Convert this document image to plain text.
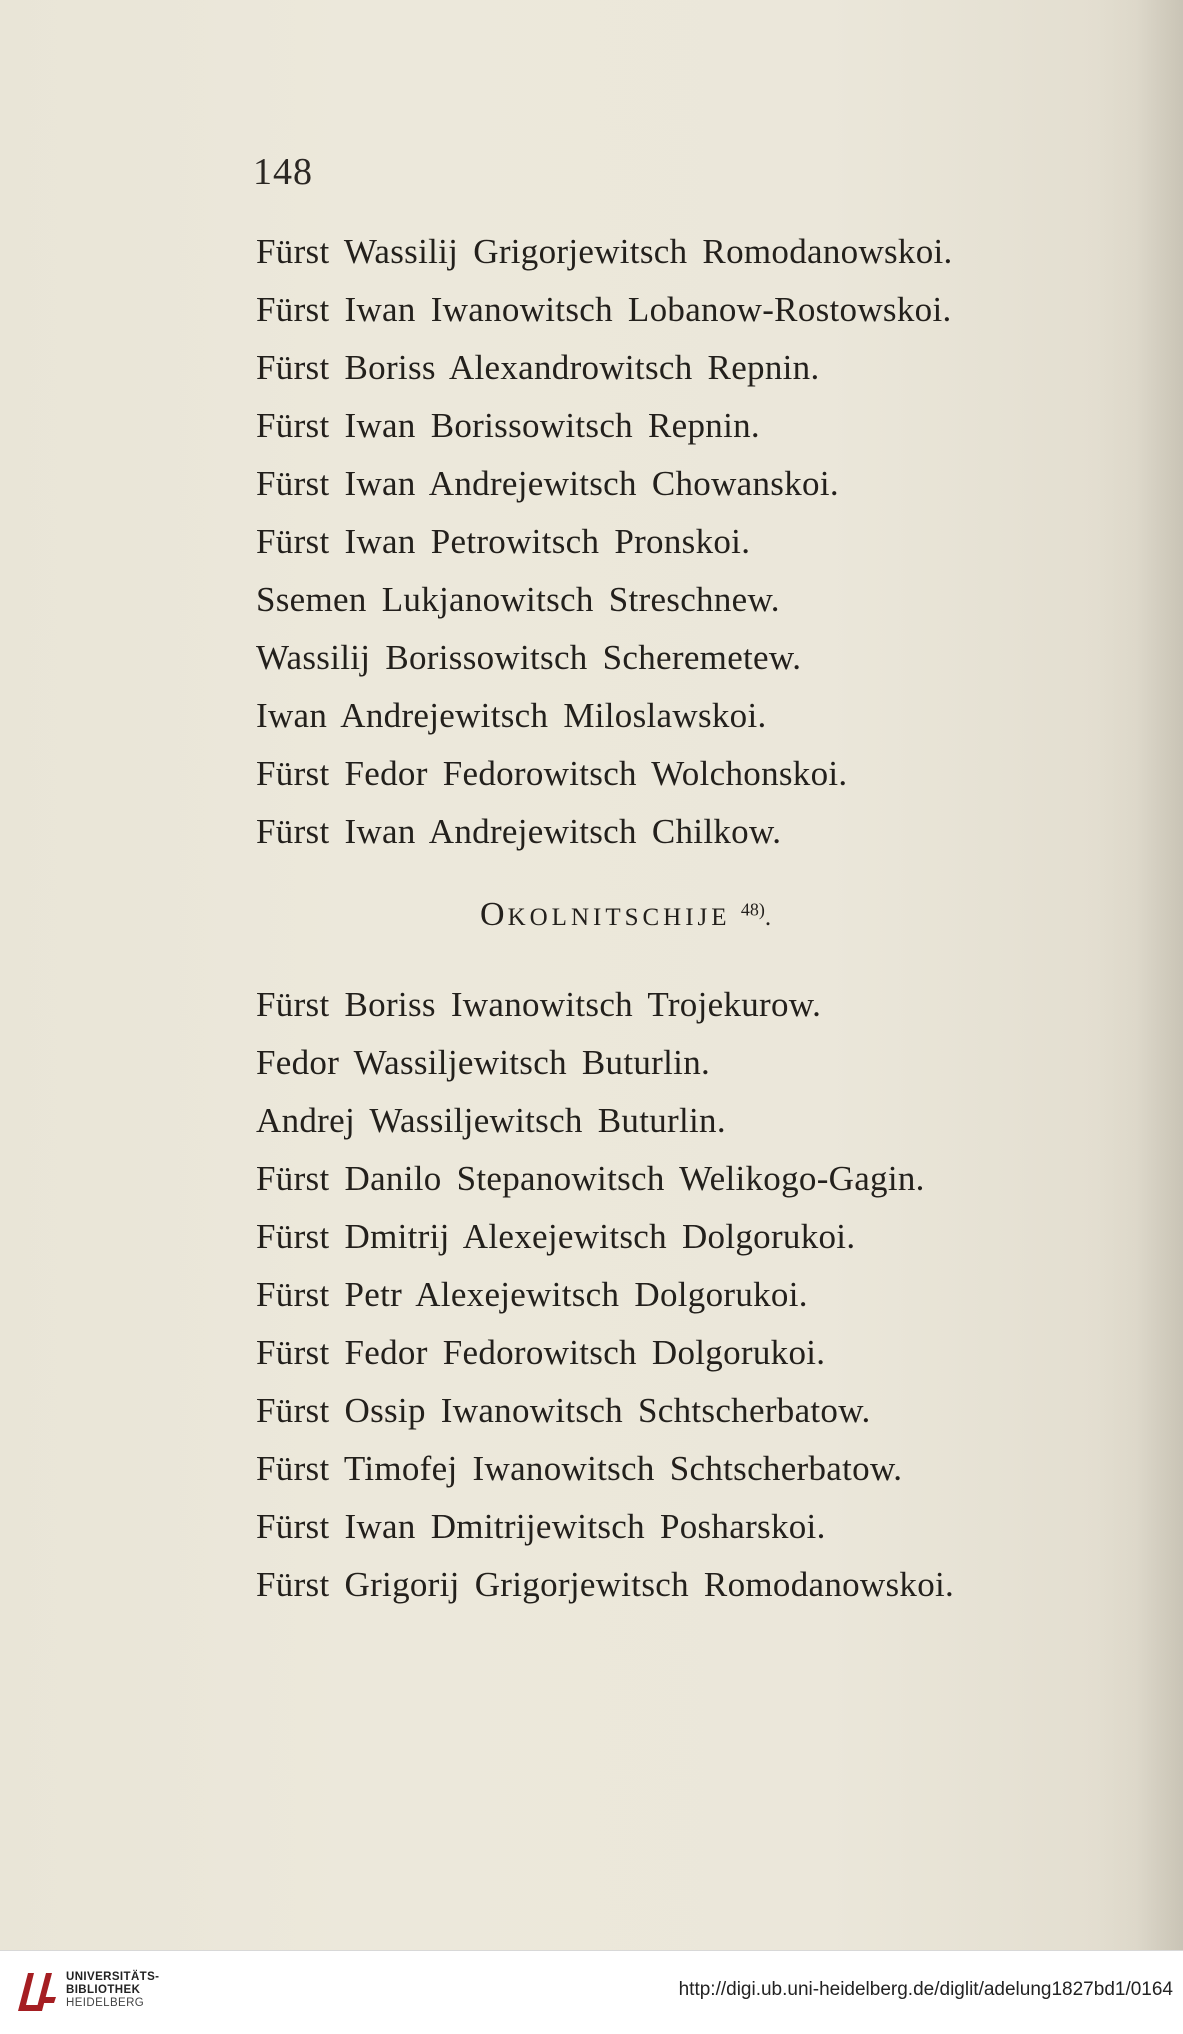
148
Fürst Wassilij Grigorjewitsch Romodanowskoi.
Fürst Iwan Iwanowitsch Lobanow-Rostowskoi.
Fürst Boriss Alexandrowitsch Repnin.
Fürst Iwan Borissowitsch Repnin.
Fürst Iwan Andrejewitsch Chowanskoi.
Fürst Iwan Petrowitsch Pronskoi.
Ssemen Lukjanowitsch Streschnew.
Wassilij Borissowitsch Scheremetew.
Iwan Andrejewitsch Miloslawskoi.
Fürst Fedor Fedorowitsch Wolchonskoi.
Fürst Iwan Andrejewitsch Chilkow.
OKOLNITSCHIJE $^{48)}$.
Fürst Boriss Iwanowitsch Trojekurow.
Fedor Wassiljewitsch Buturlin.
Andrej Wassiljewitsch Buturlin.
Fürst Danilo Stepanowitsch Welikogo-Gagin.
Fürst Dmitrij Alexejewitsch Dolgorukoi.
Fürst Petr Alexejewitsch Dolgorukoi.
Fürst Fedor Fedorowitsch Dolgorukoi.
Fürst Ossip Iwanowitsch Schtscherbatow.
Fürst Timofej Iwanowitsch Schtscherbatow.
Fürst Iwan Dmitrijewitsch Posharskoi.
Fürst Grigorij Grigorjewitsch Romodanowskoi.
UNIVERSITÄTS-
BIBLIOTHEK
HEIDELBERG
http://digi.ub.uni-heidelberg.de/diglit/adelung1827bd1/0164
